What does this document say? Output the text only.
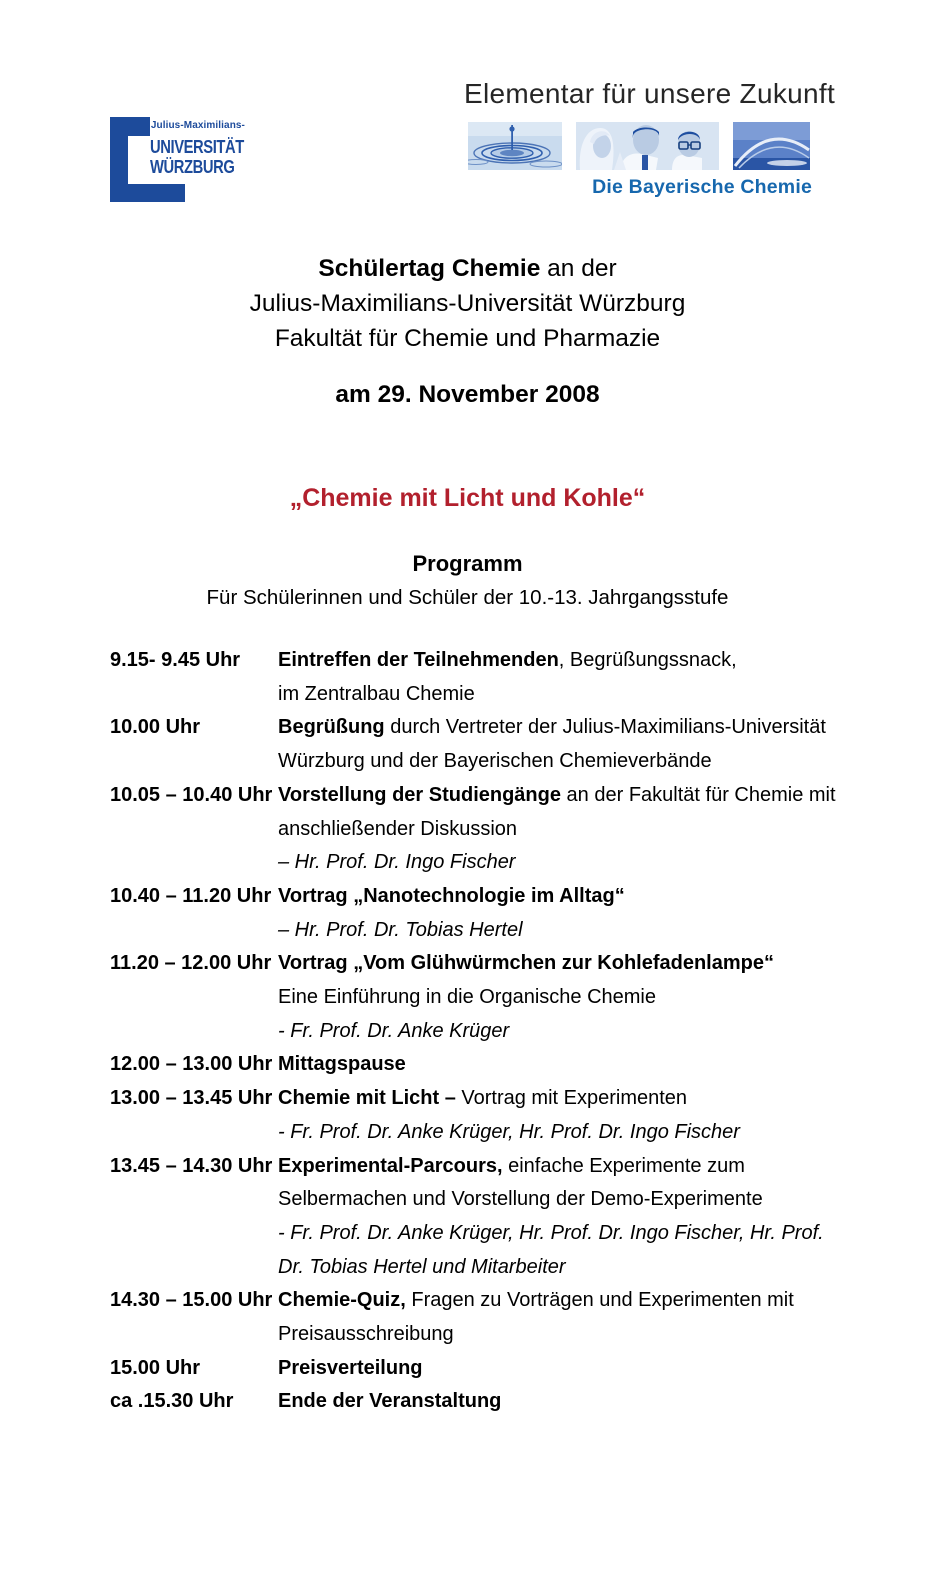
Julius-Maximilians-
UNIVERSITÄT
WÜRZBURG
Elementar für unsere Zukunft
Die Bayerische Chemie
Schülertag Chemie an der
Julius-Maximilians-Universität Würzburg
Fakultät für Chemie und Pharmazie
am 29. November 2008
„Chemie mit Licht und Kohle“
Programm
Für Schülerinnen und Schüler der 10.-13. Jahrgangsstufe
9.15- 9.45 Uhr	Eintreffen der Teilnehmenden, Begrüßungssnack,
im Zentralbau Chemie
10.00 Uhr	Begrüßung durch Vertreter der Julius-Maximilians-Universität
Würzburg und der Bayerischen Chemieverbände
10.05 – 10.40 Uhr Vorstellung der Studiengänge an der Fakultät für Chemie mit
anschließender Diskussion
– Hr. Prof. Dr. Ingo Fischer
10.40 – 11.20 Uhr Vortrag „Nanotechnologie im Alltag“
– Hr. Prof. Dr. Tobias Hertel
11.20 – 12.00 Uhr Vortrag „Vom Glühwürmchen zur Kohlefadenlampe“
Eine Einführung in die Organische Chemie
- Fr. Prof. Dr. Anke Krüger
12.00 – 13.00 Uhr Mittagspause
13.00 – 13.45 Uhr Chemie mit Licht – Vortrag mit Experimenten
- Fr. Prof. Dr. Anke Krüger, Hr. Prof. Dr. Ingo Fischer
13.45 – 14.30 Uhr Experimental-Parcours, einfache Experimente zum
Selbermachen und Vorstellung der Demo-Experimente
- Fr. Prof. Dr. Anke Krüger, Hr. Prof. Dr. Ingo Fischer, Hr. Prof.
Dr. Tobias Hertel und Mitarbeiter
14.30 – 15.00 Uhr Chemie-Quiz, Fragen zu Vorträgen und Experimenten mit
Preisausschreibung
15.00 Uhr	Preisverteilung
ca .15.30 Uhr	Ende der Veranstaltung
